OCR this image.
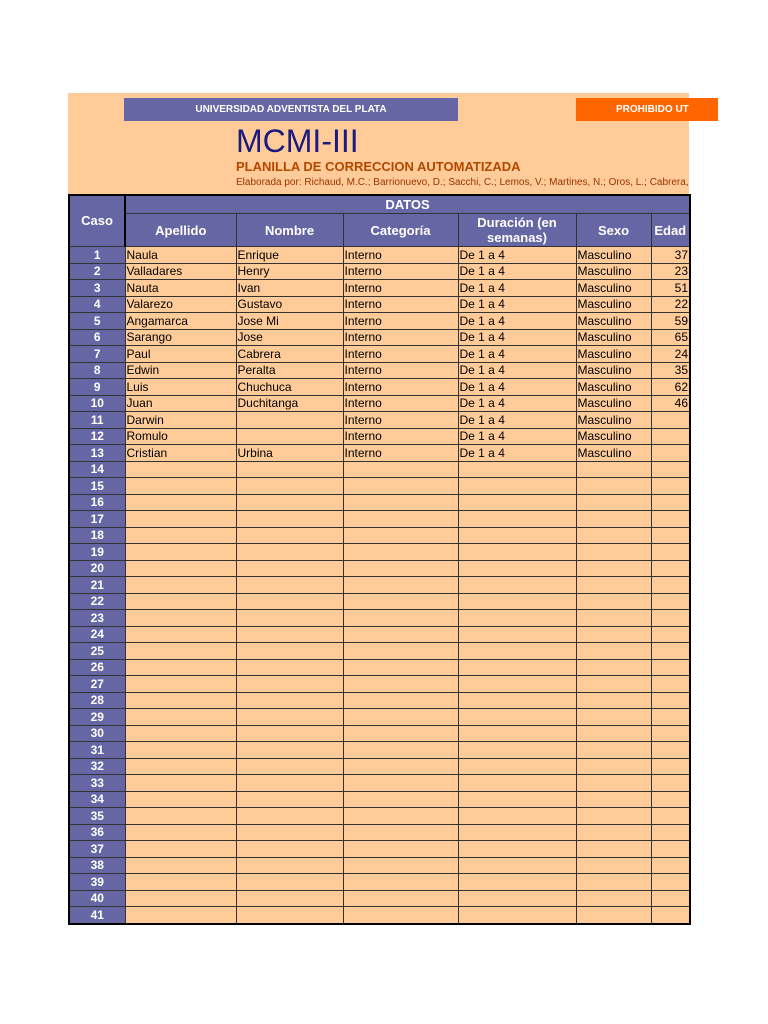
UNIVERSIDAD ADVENTISTA DEL PLATA	PROHIBIDO UT
MCMI-III
PLANILLA DE CORRECCION AUTOMATIZADA
Elaborada por: Richaud, M.C.; Barrionuevo, D.; Sacchi, C.; Lemos, V.; Martines, N.; Oros, L.; Cabrera,
Caso	DATOS					
	Apellido	Nombre	Categoría	Duración (en semanas)	Sexo	Edad
1	Naula	Enrique	Interno	De 1 a 4	Masculino	37
2	Valladares	Henry	Interno	De 1 a 4	Masculino	23
3	Nauta	Ivan	Interno	De 1 a 4	Masculino	51
4	Valarezo	Gustavo	Interno	De 1 a 4	Masculino	22
5	Angamarca	Jose Mi	Interno	De 1 a 4	Masculino	59
6	Sarango	Jose	Interno	De 1 a 4	Masculino	65
7	Paul	Cabrera	Interno	De 1 a 4	Masculino	24
8	Edwin	Peralta	Interno	De 1 a 4	Masculino	35
9	Luis	Chuchuca	Interno	De 1 a 4	Masculino	62
10	Juan	Duchitanga	Interno	De 1 a 4	Masculino	46
11	Darwin		Interno	De 1 a 4	Masculino	
12	Romulo		Interno	De 1 a 4	Masculino	
13	Cristian	Urbina	Interno	De 1 a 4	Masculino	
14						
15						
16						
17						
18						
19						
20						
21						
22						
23						
24						
25						
26						
27						
28						
29						
30						
31						
32						
33						
34						
35						
36						
37						
38						
39						
40						
41						
